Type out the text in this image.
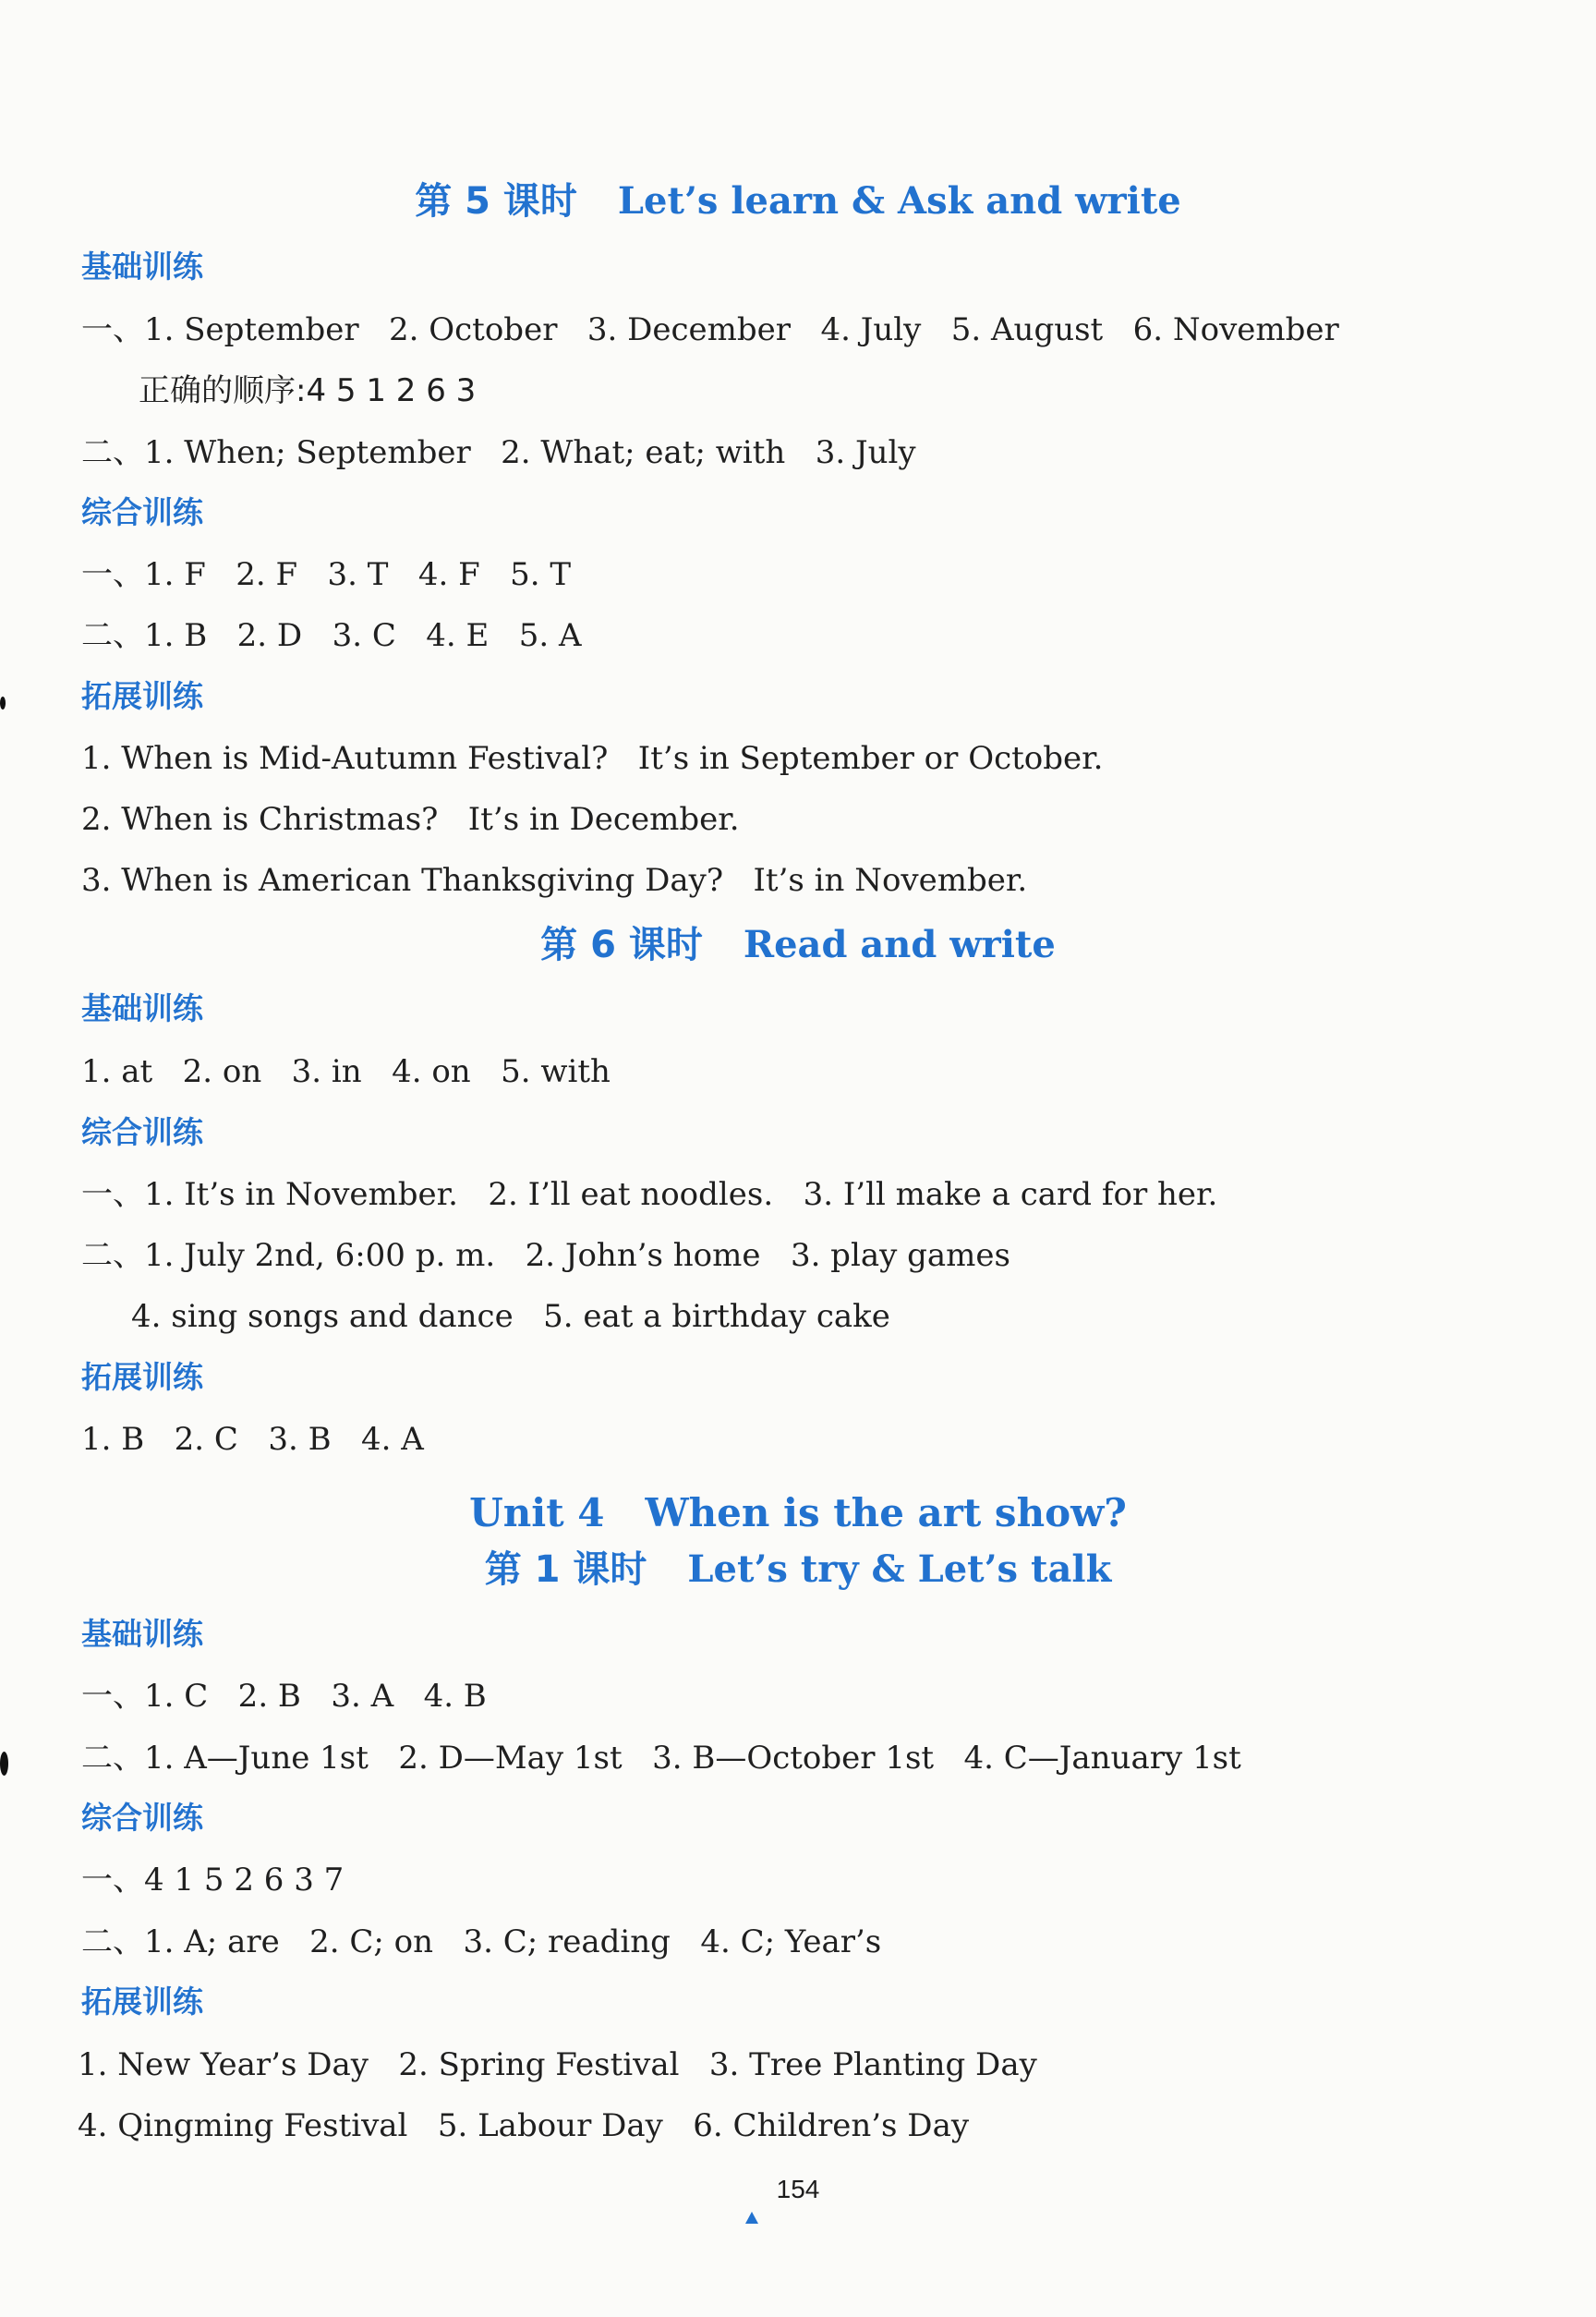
第 5 课时 Let’s learn & Ask and write
基础训练
一、1. September   2. October   3. December   4. July   5. August   6. November
正确的顺序:4 5 1 2 6 3
二、1. When; September   2. What; eat; with   3. July
综合训练
一、1. F   2. F   3. T   4. F   5. T
二、1. B   2. D   3. C   4. E   5. A
拓展训练
1. When is Mid-Autumn Festival?   It’s in September or October.
2. When is Christmas?   It’s in December.
3. When is American Thanksgiving Day?   It’s in November.
第 6 课时 Read and write
基础训练
1. at   2. on   3. in   4. on   5. with
综合训练
一、1. It’s in November.   2. I’ll eat noodles.   3. I’ll make a card for her.
二、1. July 2nd, 6:00 p. m.   2. John’s home   3. play games
4. sing songs and dance   5. eat a birthday cake
拓展训练
1. B   2. C   3. B   4. A
Unit 4 When is the art show?
第 1 课时 Let’s try & Let’s talk
基础训练
一、1. C   2. B   3. A   4. B
二、1. A—June 1st   2. D—May 1st   3. B—October 1st   4. C—January 1st
综合训练
一、4 1 5 2 6 3 7
二、1. A; are   2. C; on   3. C; reading   4. C; Year’s
拓展训练
1. New Year’s Day   2. Spring Festival   3. Tree Planting Day
4. Qingming Festival   5. Labour Day   6. Children’s Day
154
